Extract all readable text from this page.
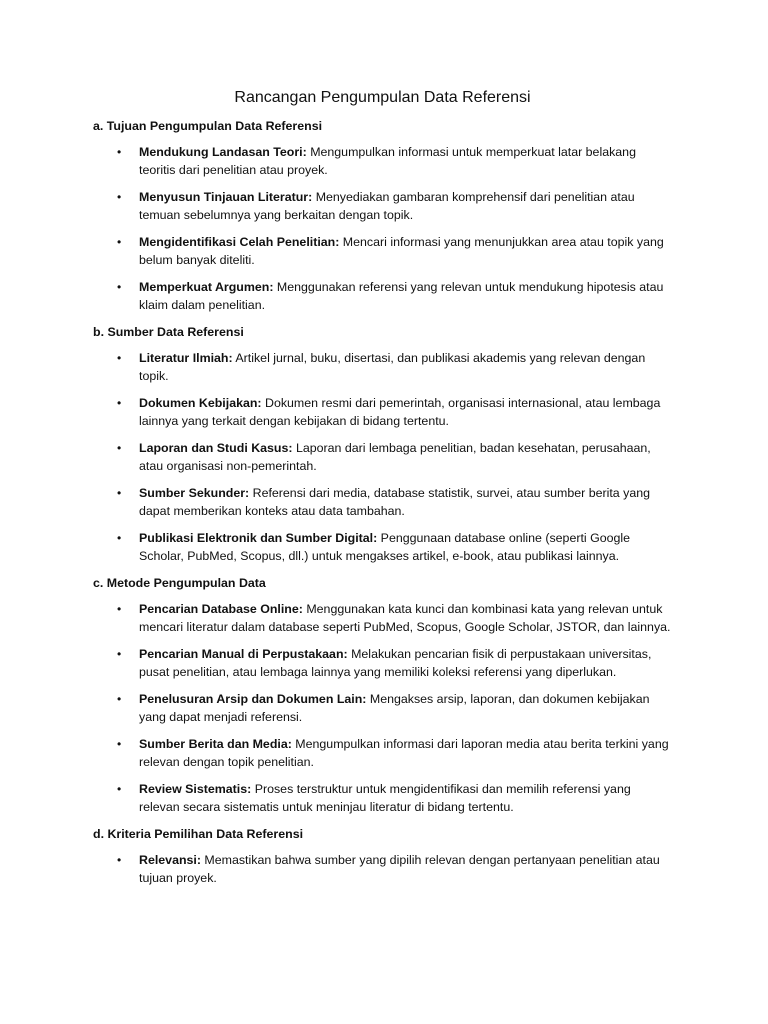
Rancangan Pengumpulan Data Referensi
a. Tujuan Pengumpulan Data Referensi
• Mendukung Landasan Teori: Mengumpulkan informasi untuk memperkuat latar belakang teoritis dari penelitian atau proyek.
• Menyusun Tinjauan Literatur: Menyediakan gambaran komprehensif dari penelitian atau temuan sebelumnya yang berkaitan dengan topik.
• Mengidentifikasi Celah Penelitian: Mencari informasi yang menunjukkan area atau topik yang belum banyak diteliti.
• Memperkuat Argumen: Menggunakan referensi yang relevan untuk mendukung hipotesis atau klaim dalam penelitian.
b. Sumber Data Referensi
• Literatur Ilmiah: Artikel jurnal, buku, disertasi, dan publikasi akademis yang relevan dengan topik.
• Dokumen Kebijakan: Dokumen resmi dari pemerintah, organisasi internasional, atau lembaga lainnya yang terkait dengan kebijakan di bidang tertentu.
• Laporan dan Studi Kasus: Laporan dari lembaga penelitian, badan kesehatan, perusahaan, atau organisasi non-pemerintah.
• Sumber Sekunder: Referensi dari media, database statistik, survei, atau sumber berita yang dapat memberikan konteks atau data tambahan.
• Publikasi Elektronik dan Sumber Digital: Penggunaan database online (seperti Google Scholar, PubMed, Scopus, dll.) untuk mengakses artikel, e-book, atau publikasi lainnya.
c. Metode Pengumpulan Data
• Pencarian Database Online: Menggunakan kata kunci dan kombinasi kata yang relevan untuk mencari literatur dalam database seperti PubMed, Scopus, Google Scholar, JSTOR, dan lainnya.
• Pencarian Manual di Perpustakaan: Melakukan pencarian fisik di perpustakaan universitas, pusat penelitian, atau lembaga lainnya yang memiliki koleksi referensi yang diperlukan.
• Penelusuran Arsip dan Dokumen Lain: Mengakses arsip, laporan, dan dokumen kebijakan yang dapat menjadi referensi.
• Sumber Berita dan Media: Mengumpulkan informasi dari laporan media atau berita terkini yang relevan dengan topik penelitian.
• Review Sistematis: Proses terstruktur untuk mengidentifikasi dan memilih referensi yang relevan secara sistematis untuk meninjau literatur di bidang tertentu.
d. Kriteria Pemilihan Data Referensi
• Relevansi: Memastikan bahwa sumber yang dipilih relevan dengan pertanyaan penelitian atau tujuan proyek.
